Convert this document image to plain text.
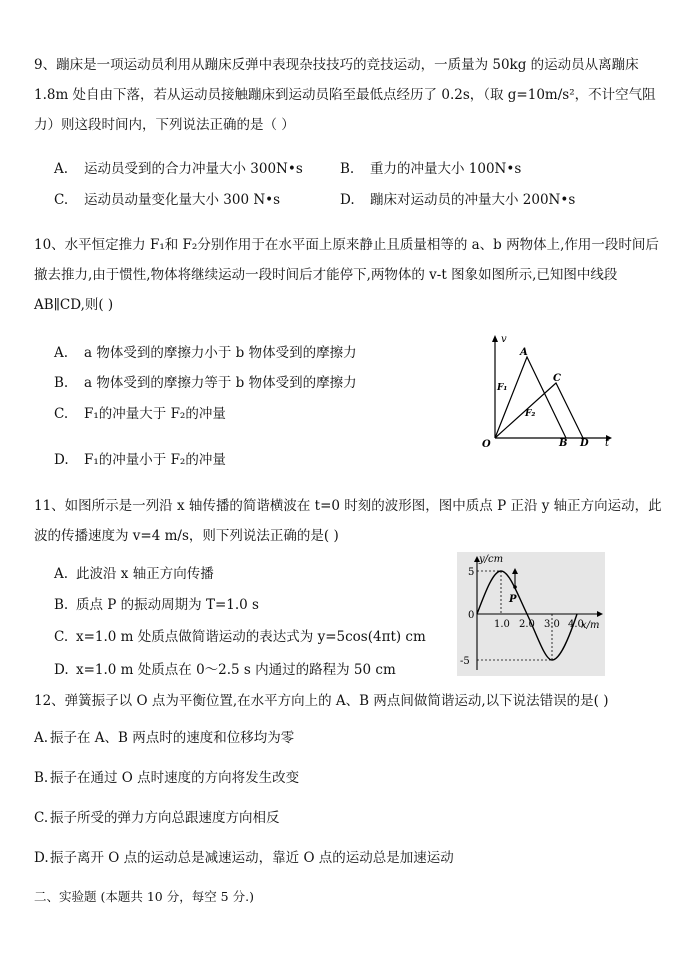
9、蹦床是一项运动员利用从蹦床反弹中表现杂技技巧的竞技运动，一质量为 50kg 的运动员从离蹦床 1.8m 处自由下落，若从运动员接触蹦床到运动员陷至最低点经历了 0.2s，（取 g=10m/s²，不计空气阻力）则这段时间内，下列说法正确的是（ ）
A. 运动员受到的合力冲量大小 300N•s	B. 重力的冲量大小 100N•s
C. 运动员动量变化量大小 300 N•s	D. 蹦床对运动员的冲量大小 200N•s
10、水平恒定推力 F₁和 F₂分别作用于在水平面上原来静止且质量相等的 a、b 两物体上,作用一段时间后撤去推力,由于惯性,物体将继续运动一段时间后才能停下,两物体的 v-t 图象如图所示,已知图中线段 AB∥CD,则( )
A. a 物体受到的摩擦力小于 b 物体受到的摩擦力
B. a 物体受到的摩擦力等于 b 物体受到的摩擦力
C. F₁的冲量大于 F₂的冲量
D. F₁的冲量小于 F₂的冲量
v
t
O
A
B
C
D
F₁
F₂
11、如图所示是一列沿 x 轴传播的简谐横波在 t=0 时刻的波形图，图中质点 P 正沿 y 轴正方向运动，此波的传播速度为 v=4 m/s，则下列说法正确的是( )
A. 此波沿 x 轴正方向传播
B. 质点 P 的振动周期为 T=1.0 s
C. x=1.0 m 处质点做简谐运动的表达式为 y=5cos(4πt) cm
D. x=1.0 m 处质点在 0～2.5 s 内通过的路程为 50 cm
y/cm
x/m
5
0
-5
1.0 2.0 3.0 4.0
P
12、弹簧振子以 O 点为平衡位置,在水平方向上的 A、B 两点间做简谐运动,以下说法错误的是( )
A. 振子在 A、B 两点时的速度和位移均为零
B. 振子在通过 O 点时速度的方向将发生改变
C. 振子所受的弹力方向总跟速度方向相反
D.振子离开 O 点的运动总是减速运动，靠近 O 点的运动总是加速运动
二、实验题 (本题共 10 分，每空 5 分.)
